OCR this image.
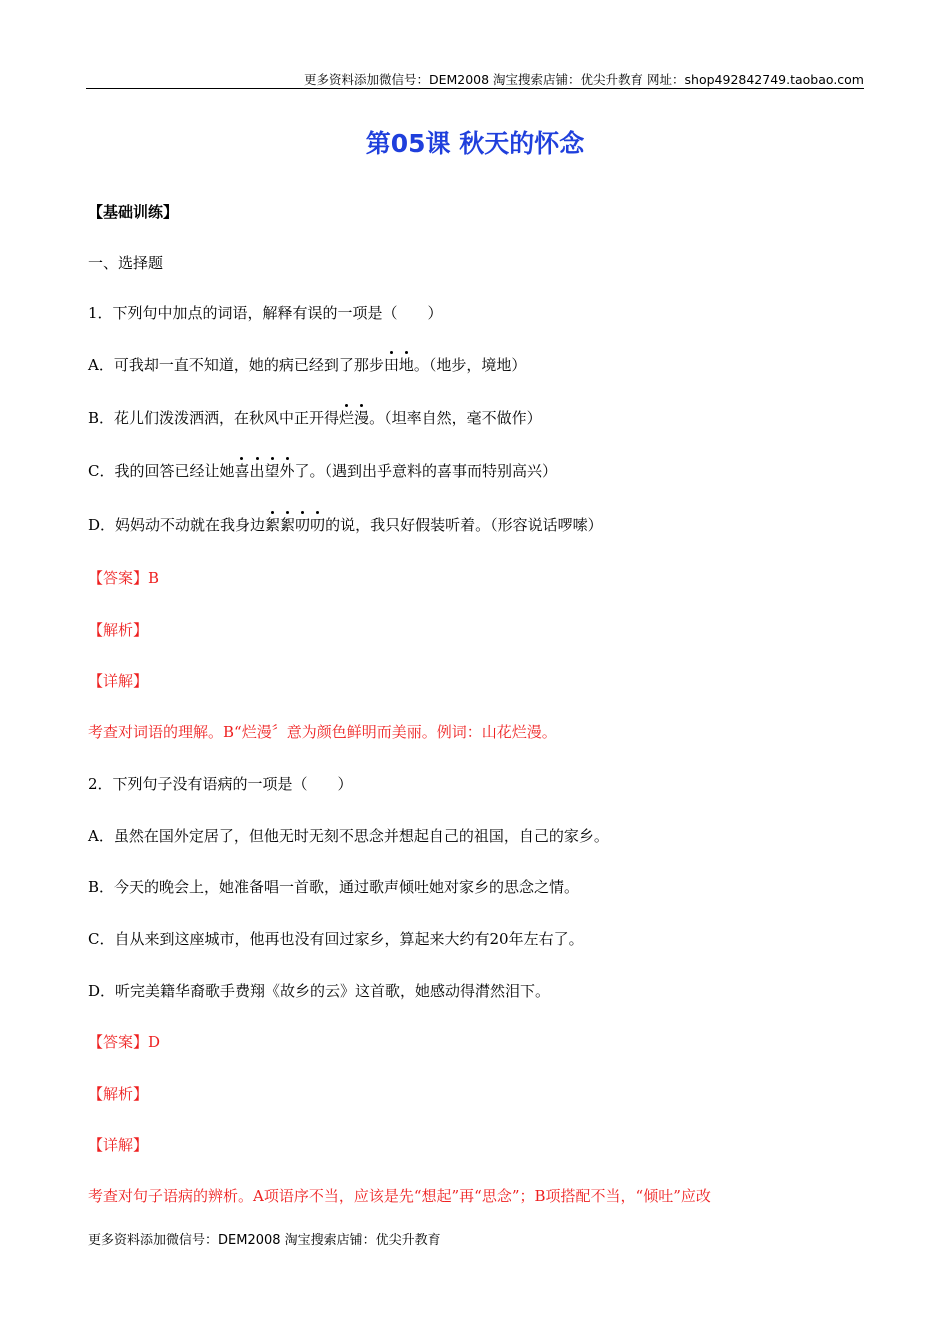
更多资料添加微信号：DEM2008 淘宝搜索店铺：优尖升教育 网址：shop492842749.taobao.com
第05课 秋天的怀念
【基础训练】
一、选择题
1．下列句中加点的词语，解释有误的一项是（　　）
A．可我却一直不知道，她的病已经到了那步田地。（地步，境地）
B．花儿们泼泼洒洒，在秋风中正开得烂漫。（坦率自然，毫不做作）
C．我的回答已经让她喜出望外了。（遇到出乎意料的喜事而特别高兴）
D．妈妈动不动就在我身边絮絮叨叨的说，我只好假装听着。（形容说话啰嗦）
【答案】B
【解析】
【详解】
考查对词语的理解。B“烂漫〞意为颜色鲜明而美丽。例词：山花烂漫。
2．下列句子没有语病的一项是（　　）
A．虽然在国外定居了，但他无时无刻不思念并想起自己的祖国，自己的家乡。
B．今天的晚会上，她准备唱一首歌，通过歌声倾吐她对家乡的思念之情。
C．自从来到这座城市，他再也没有回过家乡，算起来大约有20年左右了。
D．听完美籍华裔歌手费翔《故乡的云》这首歌，她感动得潸然泪下。
【答案】D
【解析】
【详解】
考查对句子语病的辨析。A项语序不当，应该是先“想起”再“思念”；B项搭配不当，“倾吐”应改
更多资料添加微信号：DEM2008 淘宝搜索店铺：优尖升教育
